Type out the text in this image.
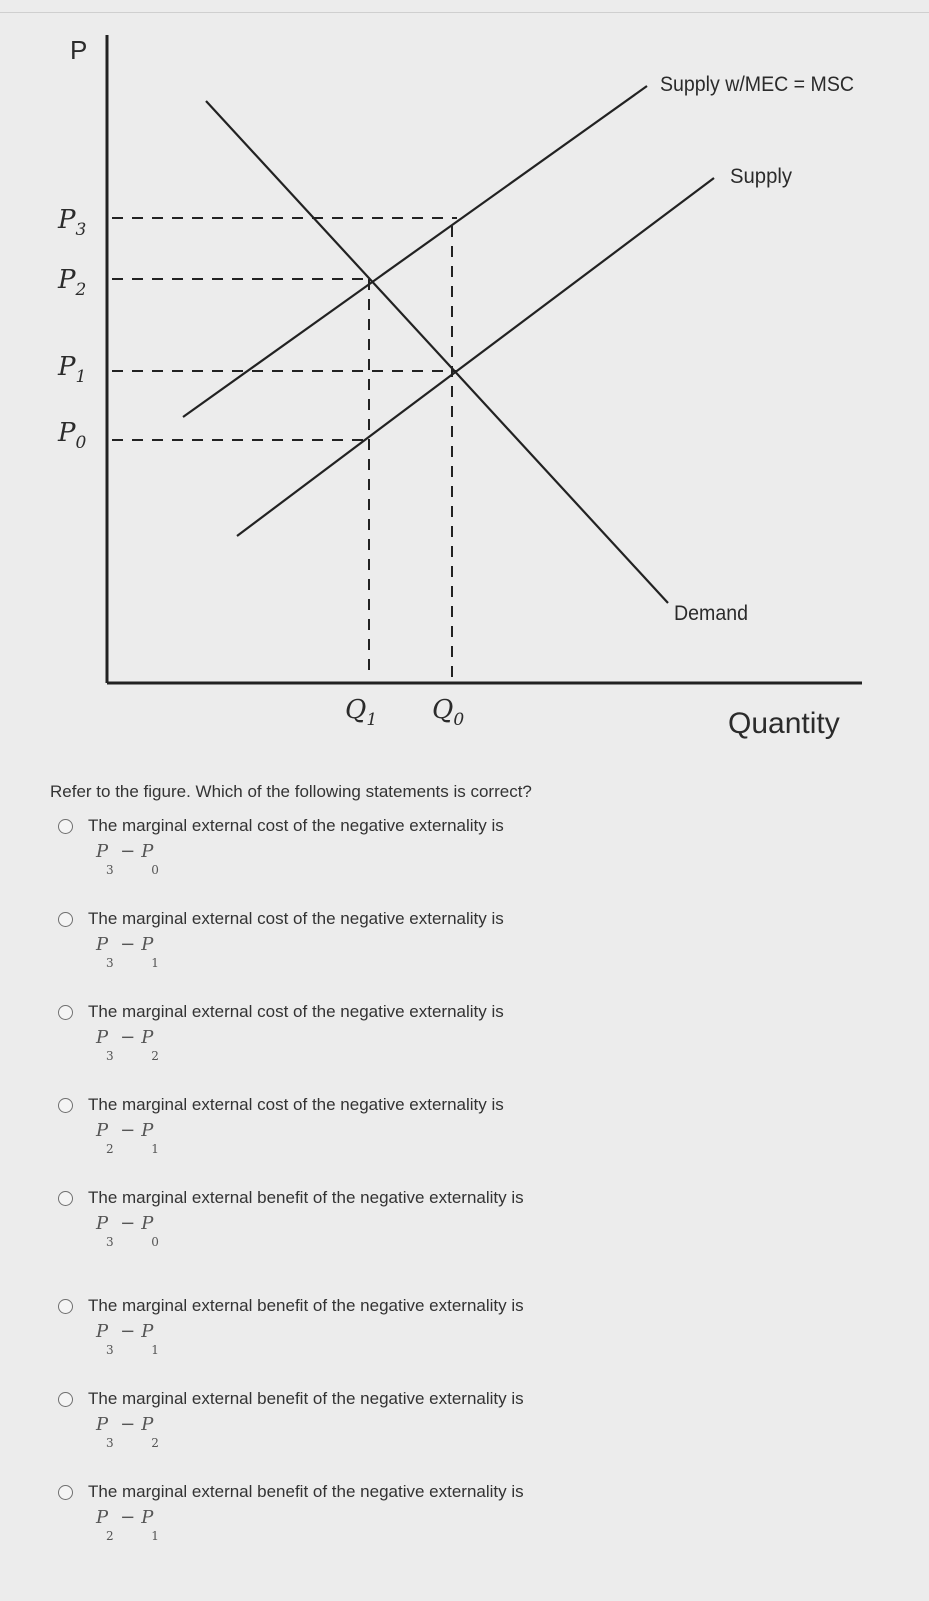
P
Quantity
$P_3$
$P_2$
$P_1$
$P_0$
$Q_1$ $Q_0$
Supply w/MEC = MSC
Supply
Demand
Refer to the figure. Which of the following statements is correct?
The marginal external cost of the negative externality is
P
3
− P
0
The marginal external cost of the negative externality is
P
3
− P
1
The marginal external cost of the negative externality is
P
3
− P
2
The marginal external cost of the negative externality is
P
2
− P
1
The marginal external benefit of the negative externality is
P
3
− P
0
The marginal external benefit of the negative externality is
P
3
− P
1
The marginal external benefit of the negative externality is
P
3
− P
2
The marginal external benefit of the negative externality is
P
2
− P
1
